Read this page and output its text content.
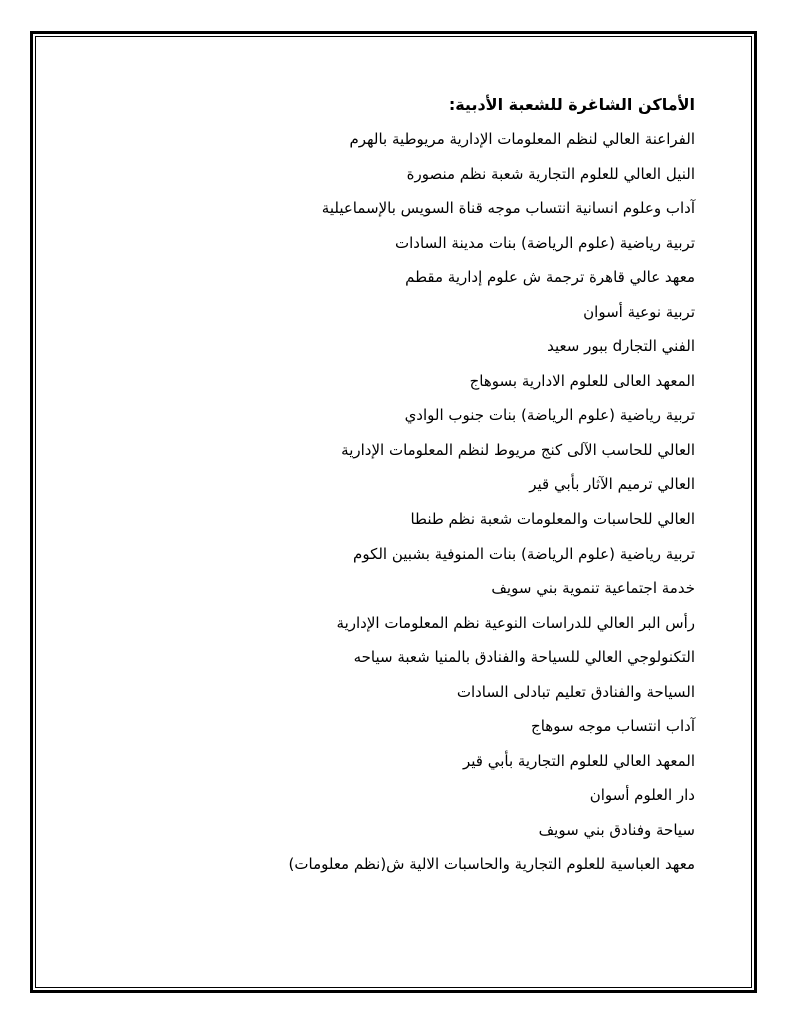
الأماكن الشاغرة للشعبة الأدبية:
الفراعنة العالي لنظم المعلومات الإدارية مريوطية بالهرم
النيل العالي للعلوم التجارية شعبة نظم منصورة
آداب وعلوم انسانية انتساب موجه قناة السويس بالإسماعيلية
تربية رياضية (علوم الرياضة) بنات مدينة السادات
معهد عالي قاهرة ترجمة ش علوم إدارية مقطم
تربية نوعية أسوان
الفني التجارd ببور سعيد
المعهد العالى للعلوم الادارية بسوهاج
تربية رياضية (علوم الرياضة) بنات جنوب الوادي
العالي للحاسب الآلى كنج مريوط لنظم المعلومات الإدارية
العالي ترميم الآثار بأبي قير
العالي للحاسبات والمعلومات شعبة نظم طنطا
تربية رياضية (علوم الرياضة) بنات المنوفية بشبين الكوم
خدمة اجتماعية تنموية بني سويف
رأس البر العالي للدراسات النوعية نظم المعلومات الإدارية
التكنولوجي العالي للسياحة والفنادق بالمنيا شعبة سياحه
السياحة والفنادق تعليم تبادلى السادات
آداب انتساب موجه سوهاج
المعهد العالي للعلوم التجارية بأبي قير
دار العلوم أسوان
سياحة وفنادق بني سويف
معهد العباسية للعلوم التجارية والحاسبات الالية ش(نظم معلومات)
